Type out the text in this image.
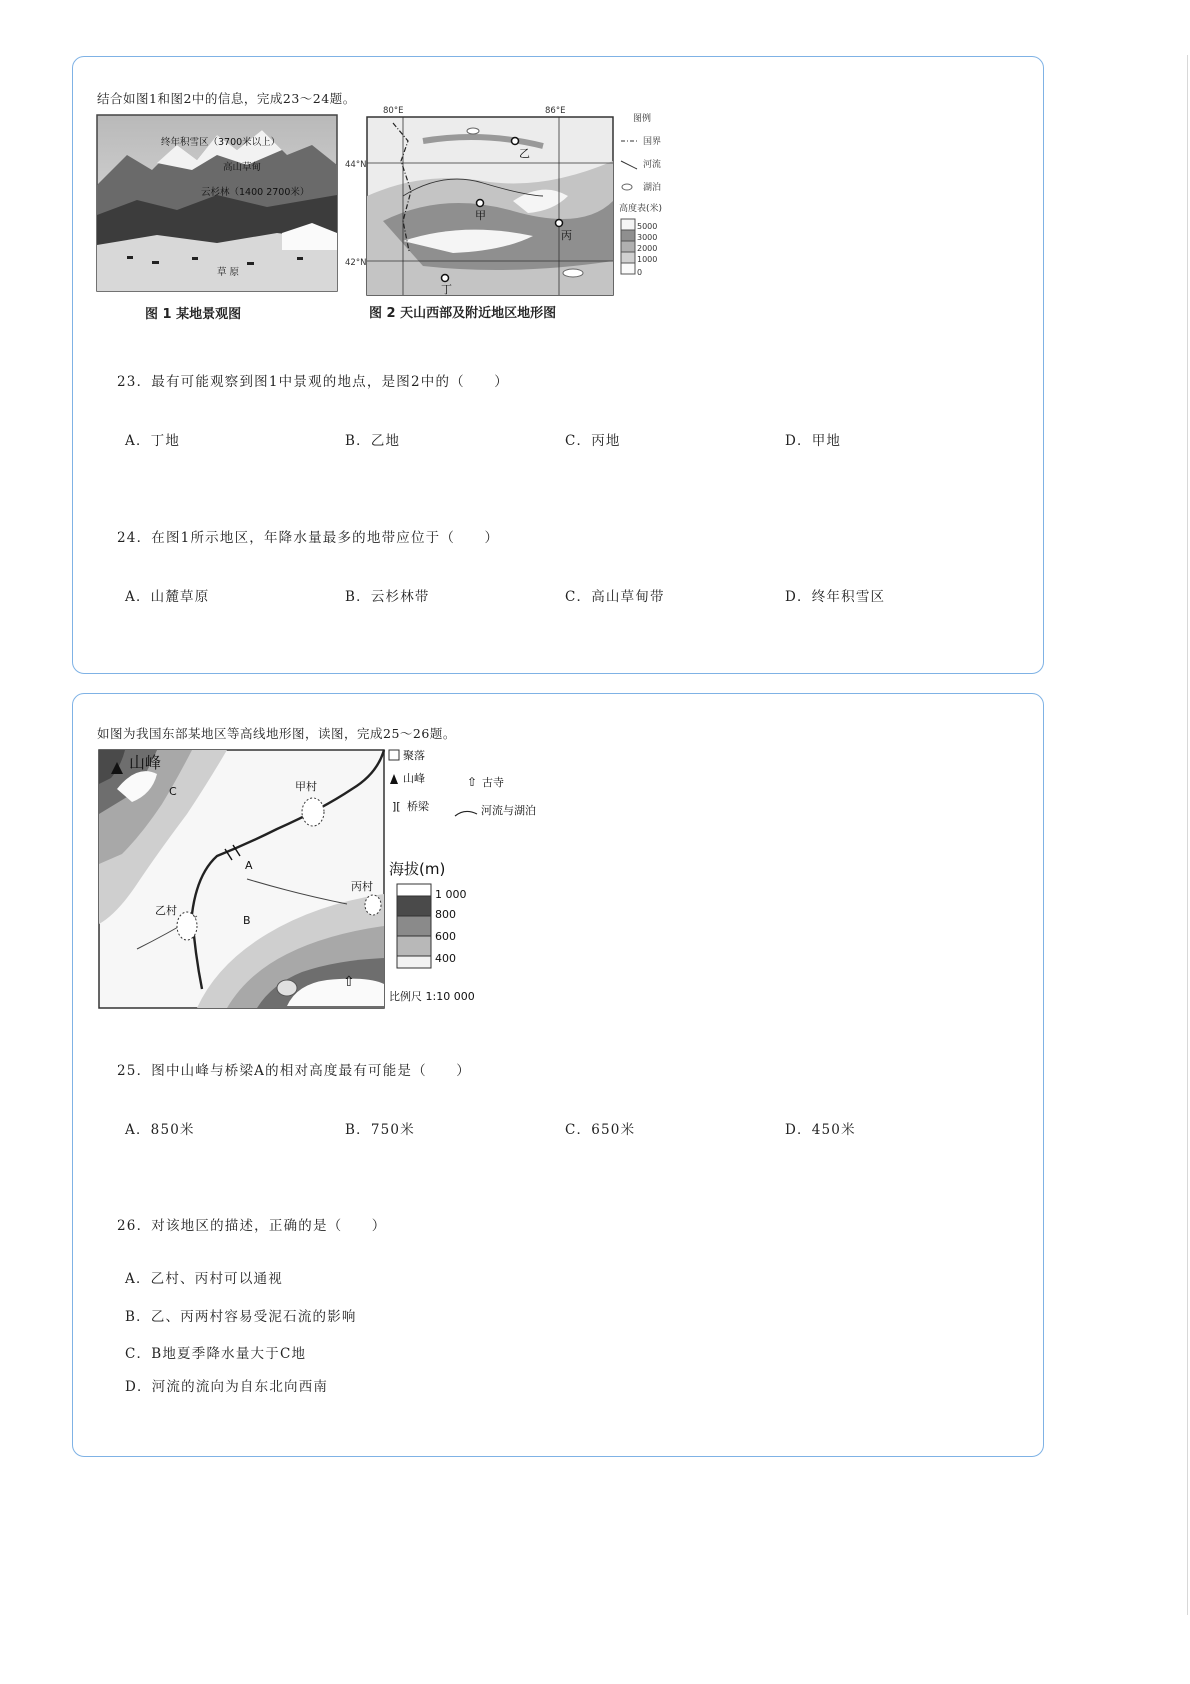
结合如图1和图2中的信息，完成23～24题。
终年积雪区（3700米以上）
高山草甸
云杉林（1400 2700米）
草 原
图 1 某地景观图
80°E	86°E
44°N
42°N
乙
甲
丙
丁
图 2 天山西部及附近地区地形图
图例
国界
河流
湖泊
高度表(米)
5000
3000
2000
1000
0
23．最有可能观察到图1中景观的地点，是图2中的（　　）
A．丁地	B．乙地	C．丙地	D．甲地
24．在图1所示地区，年降水量最多的地带应位于（　　）
A．山麓草原	B．云杉林带	C．高山草甸带	D．终年积雪区
如图为我国东部某地区等高线地形图，读图，完成25～26题。
山峰
C
A
B
甲村
乙村
丙村
⇧
聚落
山峰
][ 桥梁
⇧ 古寺
河流与湖泊
海拔(m)
1 000
800
600
400
比例尺 1:10 000
25．图中山峰与桥梁A的相对高度最有可能是（　　）
A．850米	B．750米	C．650米	D．450米
26．对该地区的描述，正确的是（　　）
A．乙村、丙村可以通视
B．乙、丙两村容易受泥石流的影响
C．B地夏季降水量大于C地
D．河流的流向为自东北向西南
